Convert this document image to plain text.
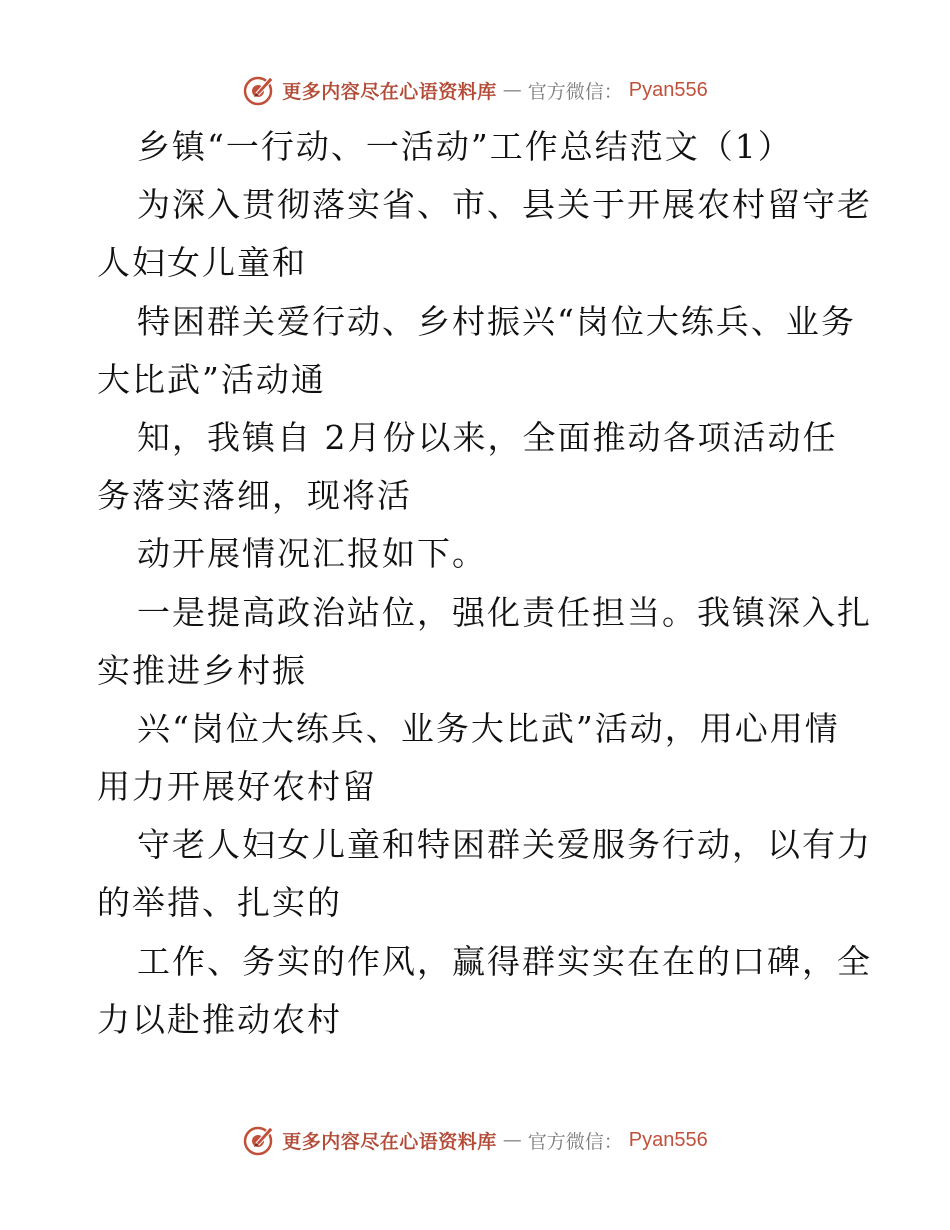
更多内容尽在心语资料库 — 官方微信： Pyan556
乡镇“一行动、一活动”工作总结范文（1）
为深入贯彻落实省、市、县关于开展农村留守老
人妇女儿童和
特困群关爱行动、乡村振兴“岗位大练兵、业务
大比武”活动通
知，我镇自 2月份以来，全面推动各项活动任
务落实落细，现将活
动开展情况汇报如下。
一是提高政治站位，强化责任担当。我镇深入扎
实推进乡村振
兴“岗位大练兵、业务大比武”活动，用心用情
用力开展好农村留
守老人妇女儿童和特困群关爱服务行动，以有力
的举措、扎实的
工作、务实的作风，赢得群实实在在的口碑，全
力以赴推动农村
更多内容尽在心语资料库 — 官方微信： Pyan556
